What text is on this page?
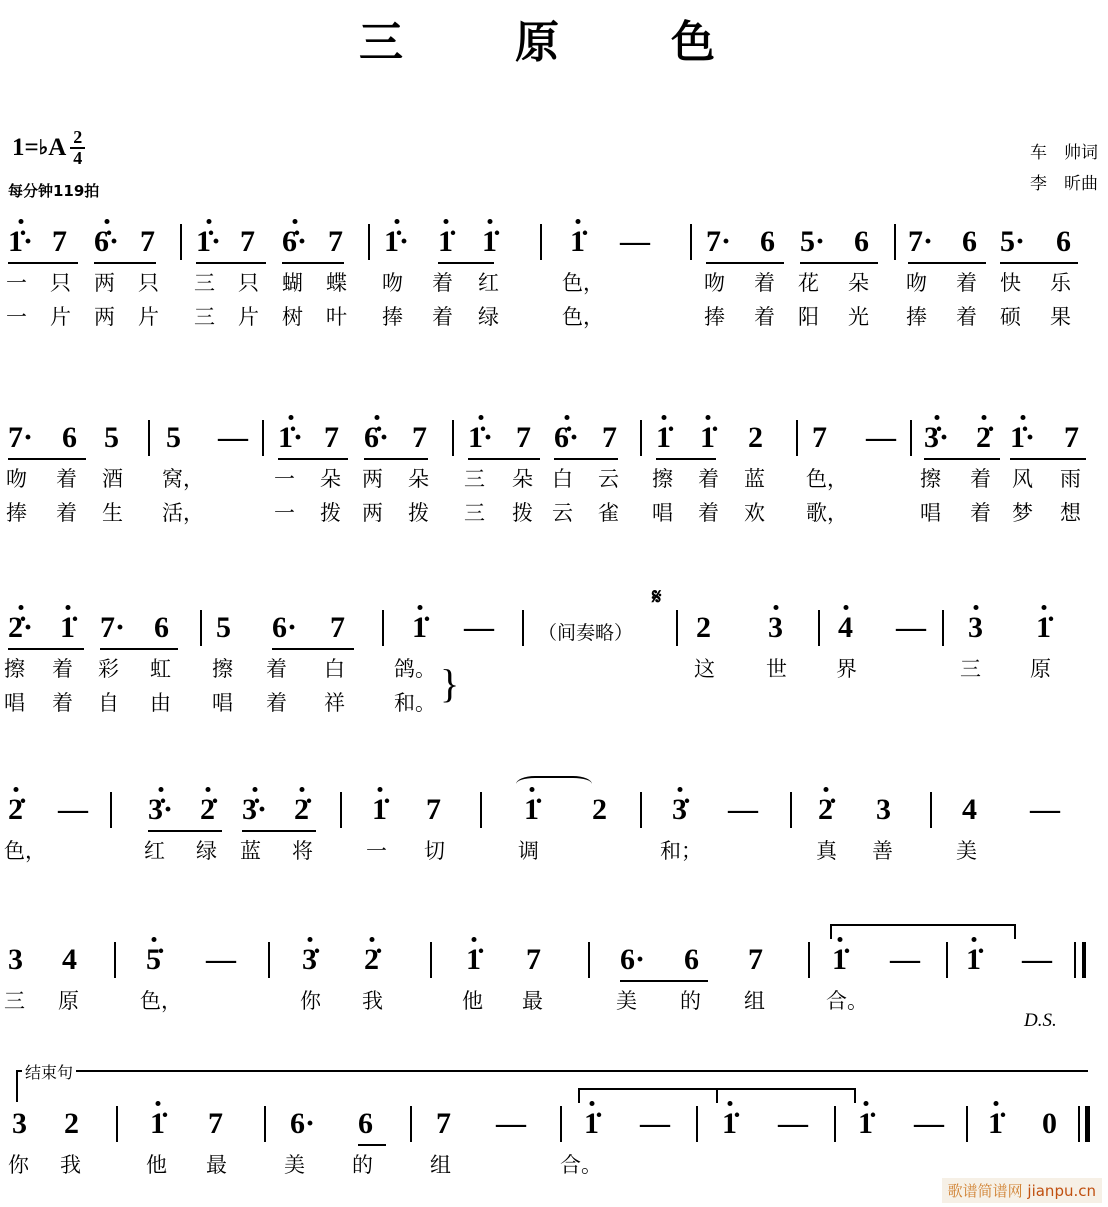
三　原　色
1= ♭ A $\frac{2}{4}$
每分钟119拍
车　帅词
李　昕曲
1̇· 7 6̇· 7 1̇· 7 6̇· 7 1̇· 1̇ 1̇ 1̇ — 7· 6 5· 6 7· 6 5· 6
一 只 两 只 三 只 蝴 蝶 吻 着 红	色，	吻 着 花 朵 吻 着 快 乐
一 片 两 片 三 片 树 叶 捧 着 绿	色，	捧 着 阳 光 捧 着 硕 果
7· 6 5 5 — 1̇· 7 6̇· 7 1̇· 7 6̇· 7 1̇ 1̇ 2 7 — 3̇· 2̇ 1̇· 7
吻 着 酒 窝，	一 朵 两 朵 三 朵 白 云 擦 着 蓝 色，	擦 着 风 雨
捧 着 生 活，	一 拨 两 拨 三 拨 云 雀 唱 着 欢 歌，	唱 着 梦 想
𝄋
2̇· 1̇ 7· 6 5 6· 7 1̇ — （间奏略） 2 3 4 — 3 1̇
擦 着 彩 虹 擦 着 白 鸽。	这 世 界	三 原
唱 着 自 由 唱 着 祥 和。 }
2̇ — 3̇· 2̇ 3̇· 2̇ 1̇ 7	1̇ 2 3̇ — 2̇ 3 4 —
色，	红 绿 蓝 将	一 切	调	和；	真 善	美
3 4 5̇ — 3̇ 2̇	1̇ 7	6· 6 7 1̇ — 1̇ —
三 原	色，	你 我	他 最	美 的 组	合。
D.S.
结束句
3 2 1̇ 7 6· 6 7 — 1̇ — 1̇ — 1̇ — 1̇ 0
你 我	他 最	美 的	组	合。
歌谱简谱网 jianpu.cn
